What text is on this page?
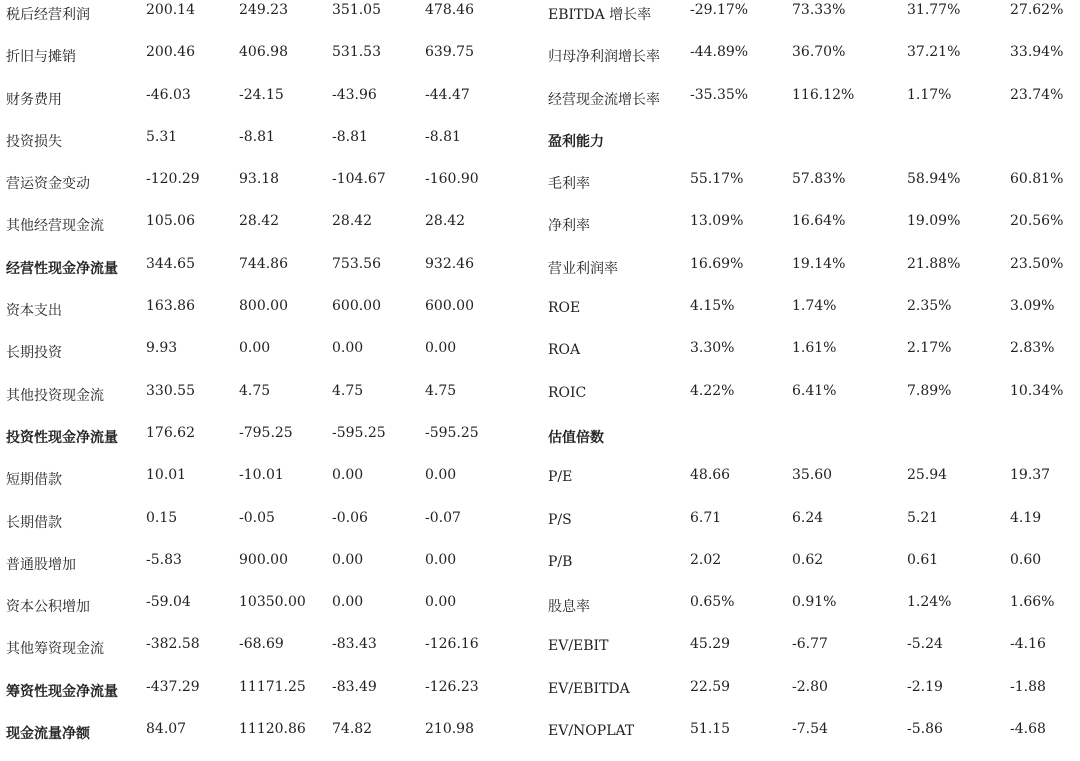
税后经营利润	200.14	249.23	351.05	478.46
折旧与摊销	200.46	406.98	531.53	639.75
财务费用	-46.03	-24.15	-43.96	-44.47
投资损失	5.31	-8.81	-8.81	-8.81
营运资金变动	-120.29	93.18	-104.67	-160.90
其他经营现金流	105.06	28.42	28.42	28.42
经营性现金净流量 344.65	744.86	753.56	932.46
资本支出	163.86	800.00	600.00	600.00
长期投资	9.93	0.00	0.00	0.00
其他投资现金流	330.55	4.75	4.75	4.75
投资性现金净流量 176.62	-795.25	-595.25	-595.25
短期借款	10.01	-10.01	0.00	0.00
长期借款	0.15	-0.05	-0.06	-0.07
普通股增加	-5.83	900.00	0.00	0.00
资本公积增加	-59.04	10350.00 0.00	0.00
其他筹资现金流	-382.58	-68.69	-83.43	-126.16
筹资性现金净流量 -437.29	11171.25 -83.49	-126.23
现金流量净额	84.07	11120.86 74.82	210.98
EBITDA 增长率	-29.17%	73.33%	31.77%	27.62%
归母净利润增长率 -44.89%	36.70%	37.21%	33.94%
经营现金流增长率 -35.35%	116.12%	1.17%	23.74%
盈利能力
毛利率	55.17%	57.83%	58.94%	60.81%
净利率	13.09%	16.64%	19.09%	20.56%
营业利润率	16.69%	19.14%	21.88%	23.50%
ROE	4.15%	1.74%	2.35%	3.09%
ROA	3.30%	1.61%	2.17%	2.83%
ROIC	4.22%	6.41%	7.89%	10.34%
估值倍数
P/E	48.66	35.60	25.94	19.37
P/S	6.71	6.24	5.21	4.19
P/B	2.02	0.62	0.61	0.60
股息率	0.65%	0.91%	1.24%	1.66%
EV/EBIT	45.29	-6.77	-5.24	-4.16
EV/EBITDA	22.59	-2.80	-2.19	-1.88
EV/NOPLAT	51.15	-7.54	-5.86	-4.68
